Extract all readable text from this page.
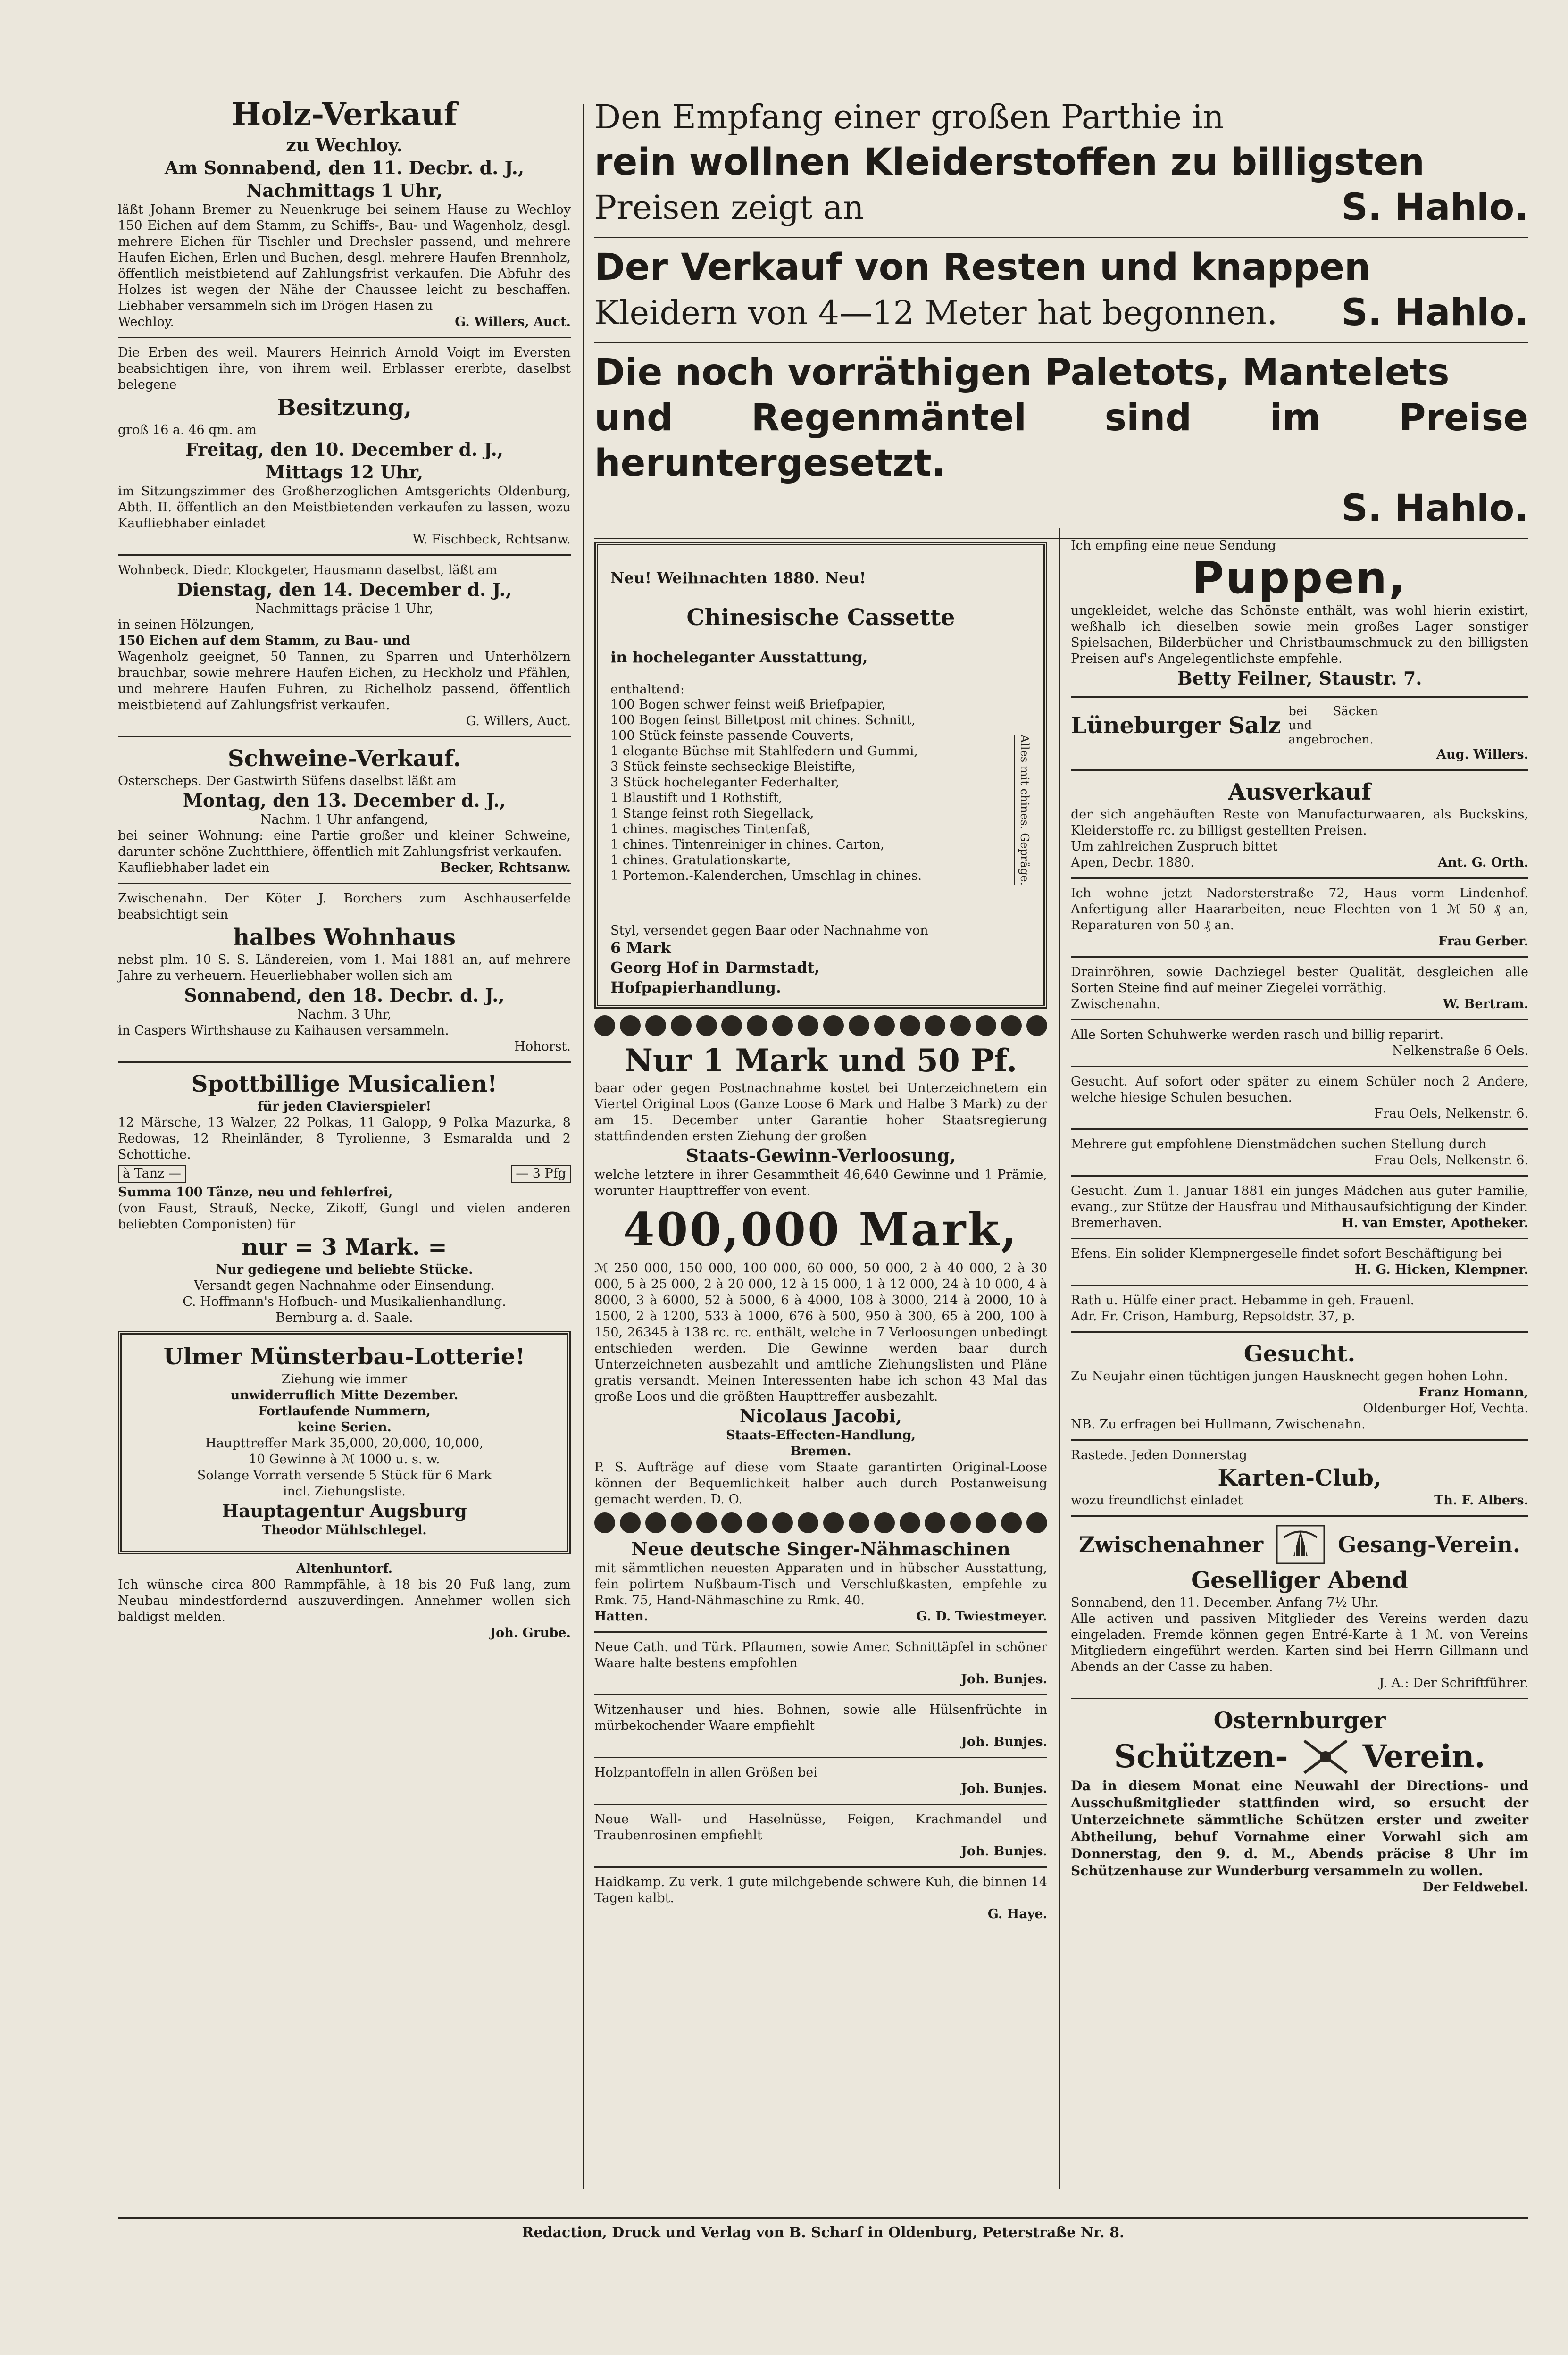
Holz-Verkauf
zu Wechloy.
Am Sonnabend, den 11. Decbr. d. J.,
Nachmittags 1 Uhr,

läßt Johann Bremer zu Neuenkruge bei seinem Hause zu Wechloy 150 Eichen auf dem Stamm, zu Schiffs-, Bau- und Wagenholz, desgl. mehrere Eichen für Tischler und Drechsler passend, und mehrere Haufen Eichen, Erlen und Buchen, desgl. mehrere Haufen Brennholz, öffentlich meistbietend auf Zahlungsfrist verkaufen. Die Abfuhr des Holzes ist wegen der Nähe der Chaussee leicht zu beschaffen. Liebhaber versammeln sich im Drögen Hasen zu

Wechloy.	G. Willers, Auct.

Die Erben des weil. Maurers Heinrich Arnold Voigt im Eversten beabsichtigen ihre, von ihrem weil. Erblasser ererbte, daselbst belegene

Besitzung,

groß 16 a. 46 qm. am

Freitag, den 10. December d. J.,
Mittags 12 Uhr,

im Sitzungszimmer des Großherzoglichen Amtsgerichts Oldenburg, Abth. II. öffentlich an den Meistbietenden verkaufen zu lassen, wozu Kaufliebhaber einladet

W. Fischbeck, Rchtsanw.

Wohnbeck. Diedr. Klockgeter, Hausmann daselbst, läßt am

Dienstag, den 14. December d. J.,

Nachmittags präcise 1 Uhr,

in seinen Hölzungen,

150 Eichen auf dem Stamm, zu Bau- und

Wagenholz geeignet, 50 Tannen, zu Sparren und Unterhölzern brauchbar, sowie mehrere Haufen Eichen, zu Heckholz und Pfählen, und mehrere Haufen Fuhren, zu Richelholz passend, öffentlich meistbietend auf Zahlungsfrist verkaufen.

G. Willers, Auct.

Schweine-Verkauf.

Osterscheps. Der Gastwirth Süfens daselbst läßt am

Montag, den 13. December d. J.,

Nachm. 1 Uhr anfangend,

bei seiner Wohnung: eine Partie großer und kleiner Schweine, darunter schöne Zuchtthiere, öffentlich mit Zahlungsfrist verkaufen.

Kaufliebhaber ladet ein	Becker, Rchtsanw.

Zwischenahn. Der Köter J. Borchers zum Aschhauserfelde beabsichtigt sein

halbes Wohnhaus

nebst plm. 10 S. S. Ländereien, vom 1. Mai 1881 an, auf mehrere Jahre zu verheuern. Heuerliebhaber wollen sich am

Sonnabend, den 18. Decbr. d. J.,

Nachm. 3 Uhr,

in Caspers Wirthshause zu Kaihausen versammeln.

Hohorst.

Spottbillige Musicalien!

für jeden Clavierspieler!

12 Märsche, 13 Walzer, 22 Polkas, 11 Galopp, 9 Polka Mazurka, 8 Redowas, 12 Rheinländer, 8 Tyrolienne, 3 Esmaralda und 2 Schottiche.

à Tanz —	— 3 Pfg

Summa 100 Tänze, neu und fehlerfrei,

(von Faust, Strauß, Necke, Zikoff, Gungl und vielen anderen beliebten Componisten) für

nur = 3 Mark. =

Nur gediegene und beliebte Stücke.

Versandt gegen Nachnahme oder Einsendung.

C. Hoffmann's Hofbuch- und Musikalienhandlung.

Bernburg a. d. Saale.

Ulmer Münsterbau-Lotterie!

Ziehung wie immer

unwiderruflich Mitte Dezember.

Fortlaufende Nummern,

keine Serien.

Haupttreffer Mark 35,000, 20,000, 10,000,

10 Gewinne à ℳ 1000 u. s. w.

Solange Vorrath versende 5 Stück für 6 Mark

incl. Ziehungsliste.

Hauptagentur Augsburg

Theodor Mühlschlegel.

Altenhuntorf.

Ich wünsche circa 800 Rammpfähle, à 18 bis 20 Fuß lang, zum Neubau mindestfordernd auszuverdingen. Annehmer wollen sich baldigst melden.

Joh. Grube.

Den Empfang einer großen Parthie in

rein wollnen Kleiderstoffen zu billigsten

Preisen zeigt an	S. Hahlo.

Der Verkauf von Resten und knappen

Kleidern von 4—12 Meter hat begonnen. S. Hahlo.

Die noch vorräthigen Paletots, Mantelets

und Regenmäntel sind im Preise heruntergesetzt.

S. Hahlo.

Neu! Weihnachten 1880. Neu!

Chinesische Cassette

in hocheleganter Ausstattung,

enthaltend:

100 Bogen schwer feinst weiß Briefpapier,

100 Bogen feinst Billetpost mit chines. Schnitt,

100 Stück feinste passende Couverts,

1 elegante Büchse mit Stahlfedern und Gummi,

3 Stück feinste sechseckige Bleistifte,

3 Stück hocheleganter Federhalter,

1 Blaustift und 1 Rothstift,

1 Stange feinst roth Siegellack,

1 chines. magisches Tintenfaß,

1 chines. Tintenreiniger in chines. Carton,

1 chines. Gratulationskarte,

1 Portemon.-Kalenderchen, Umschlag in chines.	Alles mit chines. Gepräge.

Styl, versendet gegen Baar oder Nachnahme von

6 Mark

Georg Hof in Darmstadt,

Hofpapierhandlung.

Nur 1 Mark und 50 Pf.

baar oder gegen Postnachnahme kostet bei Unterzeichnetem ein Viertel Original Loos (Ganze Loose 6 Mark und Halbe 3 Mark) zu der am 15. December unter Garantie hoher Staatsregierung stattfindenden ersten Ziehung der großen

Staats-Gewinn-Verloosung,

welche letztere in ihrer Gesammtheit 46,640 Gewinne und 1 Prämie, worunter Haupttreffer von event.

400,000 Mark,

ℳ 250 000, 150 000, 100 000, 60 000, 50 000, 2 à 40 000, 2 à 30 000, 5 à 25 000, 2 à 20 000, 12 à 15 000, 1 à 12 000, 24 à 10 000, 4 à 8000, 3 à 6000, 52 à 5000, 6 à 4000, 108 à 3000, 214 à 2000, 10 à 1500, 2 à 1200, 533 à 1000, 676 à 500, 950 à 300, 65 à 200, 100 à 150, 26345 à 138 rc. rc. enthält, welche in 7 Verloosungen unbedingt entschieden werden. Die Gewinne werden baar durch Unterzeichneten ausbezahlt und amtliche Ziehungslisten und Pläne gratis versandt. Meinen Interessenten habe ich schon 43 Mal das große Loos und die größten Haupttreffer ausbezahlt.

Nicolaus Jacobi,

Staats-Effecten-Handlung,

Bremen.

P. S. Aufträge auf diese vom Staate garantirten Original-Loose können der Bequemlichkeit halber auch durch Postanweisung gemacht werden. D. O.

Neue deutsche Singer-Nähmaschinen

mit sämmtlichen neuesten Apparaten und in hübscher Ausstattung, fein polirtem Nußbaum-Tisch und Verschlußkasten, empfehle zu Rmk. 75, Hand-Nähmaschine zu Rmk. 40.

Hatten.	G. D. Twiestmeyer.

Neue Cath. und Türk. Pflaumen, sowie Amer. Schnittäpfel in schöner Waare halte bestens empfohlen

Joh. Bunjes.

Witzenhauser und hies. Bohnen, sowie alle Hülsenfrüchte in mürbekochender Waare empfiehlt

Joh. Bunjes.

Holzpantoffeln in allen Größen bei

Joh. Bunjes.

Neue Wall- und Haselnüsse, Feigen, Krachmandel und Traubenrosinen empfiehlt

Joh. Bunjes.

Haidkamp. Zu verk. 1 gute milchgebende schwere Kuh, die binnen 14 Tagen kalbt.

G. Haye.

Ich empfing eine neue Sendung

Puppen,

ungekleidet, welche das Schönste enthält, was wohl hierin existirt, weßhalb ich dieselben sowie mein großes Lager sonstiger Spielsachen, Bilderbücher und Christbaumschmuck zu den billigsten Preisen auf's Angelegentlichste empfehle.

Betty Feilner, Staustr. 7.
Lüneburger Salz

bei Säcken und angebrochen.

Aug. Willers.

Ausverkauf

der sich angehäuften Reste von Manufacturwaaren, als Buckskins, Kleiderstoffe rc. zu billigst gestellten Preisen.

Um zahlreichen Zuspruch bittet

Apen, Decbr. 1880.	Ant. G. Orth.

Ich wohne jetzt Nadorsterstraße 72, Haus vorm Lindenhof. Anfertigung aller Haararbeiten, neue Flechten von 1 ℳ 50 ₰ an, Reparaturen von 50 ₰ an.

Frau Gerber.

Drainröhren, sowie Dachziegel bester Qualität, desgleichen alle Sorten Steine find auf meiner Ziegelei vorräthig.

Zwischenahn.	W. Bertram.

Alle Sorten Schuhwerke werden rasch und billig reparirt.

Nelkenstraße 6 Oels.

Gesucht. Auf sofort oder später zu einem Schüler noch 2 Andere, welche hiesige Schulen besuchen.

Frau Oels, Nelkenstr. 6.

Mehrere gut empfohlene Dienstmädchen suchen Stellung durch

Frau Oels, Nelkenstr. 6.

Gesucht. Zum 1. Januar 1881 ein junges Mädchen aus guter Familie, evang., zur Stütze der Hausfrau und Mithausaufsichtigung der Kinder.

Bremerhaven.	H. van Emster, Apotheker.

Efens. Ein solider Klempnergeselle findet sofort Beschäftigung bei

H. G. Hicken, Klempner.

Rath u. Hülfe einer pract. Hebamme in geh. Frauenl.

Adr. Fr. Crison, Hamburg, Repsoldstr. 37, p.

Gesucht.

Zu Neujahr einen tüchtigen jungen Hausknecht gegen hohen Lohn.

Franz Homann,

Oldenburger Hof, Vechta.

NB. Zu erfragen bei Hullmann, Zwischenahn.

Rastede. Jeden Donnerstag

Karten-Club,
wozu freundlichst einladet	Th. F. Albers.
Zwischenahner	Gesang-Verein.
Geselliger Abend

Sonnabend, den 11. December. Anfang 7½ Uhr.

Alle activen und passiven Mitglieder des Vereins werden dazu eingeladen. Fremde können gegen Entré-Karte à 1 ℳ. von Vereins Mitgliedern eingeführt werden. Karten sind bei Herrn Gillmann und Abends an der Casse zu haben.

J. A.: Der Schriftführer.

Osternburger
Schützen- Verein.

Da in diesem Monat eine Neuwahl der Directions- und Ausschußmitglieder stattfinden wird, so ersucht der Unterzeichnete sämmtliche Schützen erster und zweiter Abtheilung, behuf Vornahme einer Vorwahl sich am Donnerstag, den 9. d. M., Abends präcise 8 Uhr im Schützenhause zur Wunderburg versammeln zu wollen.

Der Feldwebel.

Redaction, Druck und Verlag von B. Scharf in Oldenburg, Peterstraße Nr. 8.
